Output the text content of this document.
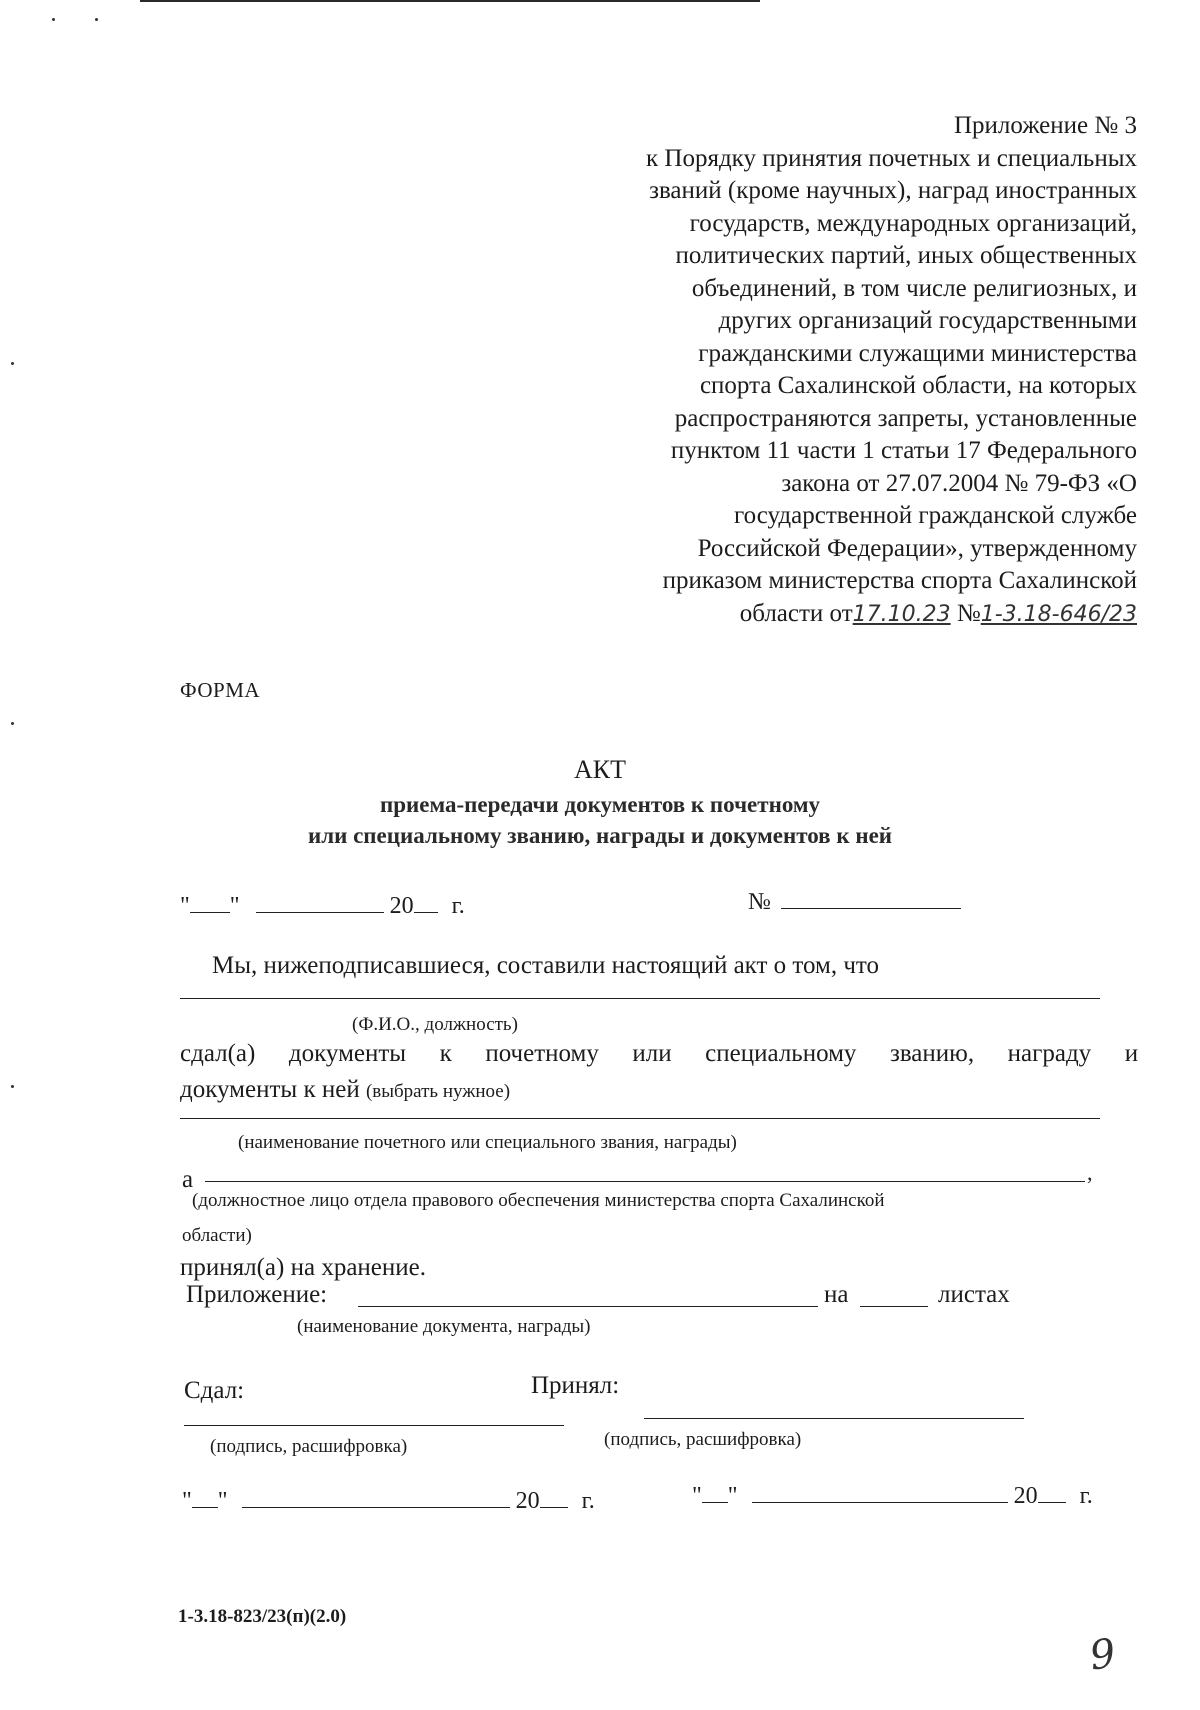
Приложение № 3
к Порядку принятия почетных и специальных
званий (кроме научных), наград иностранных
государств, международных организаций,
политических партий, иных общественных
объединений, в том числе религиозных, и
других организаций государственными
гражданскими служащими министерства
спорта Сахалинской области, на которых
распространяются запреты, установленные
пунктом 11 части 1 статьи 17 Федерального
закона от 27.07.2004 № 79-ФЗ «О
государственной гражданской службе
Российской Федерации», утвержденному
приказом министерства спорта Сахалинской
области от17.10.23 №1-3.18-646/23
ФОРМА
АКТ
приема-передачи документов к почетному
или специальному званию, награды и документов к ней
" "	20 г.	№
Мы, нижеподписавшиеся, составили настоящий акт о том, что
(Ф.И.О., должность)
сдал(а) документы к почетному или специальному званию, награду и
документы к ней (выбрать нужное)
(наименование почетного или специального звания, награды)
а	,
(должностное лицо отдела правового обеспечения министерства спорта Сахалинской
области)
принял(а) на хранение.
Приложение:	на	листах
(наименование документа, награды)
Сдал:	Принял:
(подпись, расшифровка)	(подпись, расшифровка)
" "	20 г.	" "	20 г.
1-3.18-823/23(п)(2.0)
9
